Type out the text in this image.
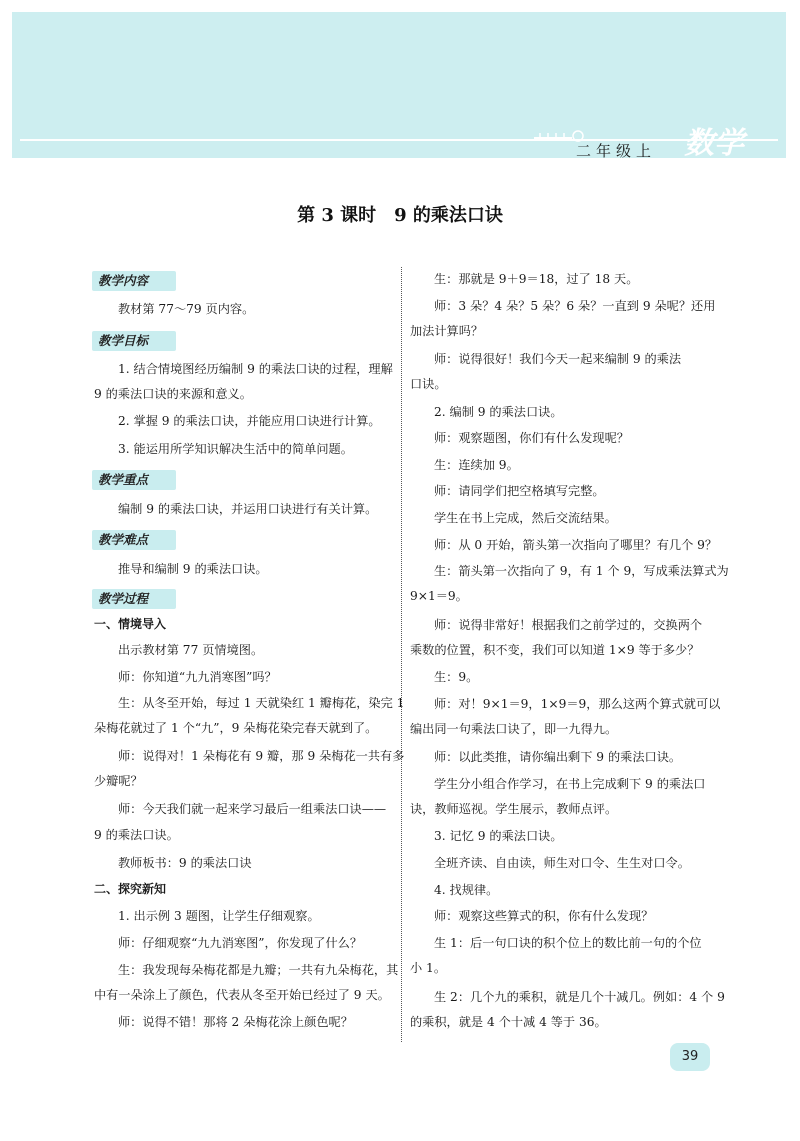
二年级上 数学
第 3 课时　9 的乘法口诀
教学内容
教材第 77～79 页内容。
教学目标
1. 结合情境图经历编制 9 的乘法口诀的过程，理解
9 的乘法口诀的来源和意义。
2. 掌握 9 的乘法口诀，并能应用口诀进行计算。
3. 能运用所学知识解决生活中的简单问题。
教学重点
编制 9 的乘法口诀，并运用口诀进行有关计算。
教学难点
推导和编制 9 的乘法口诀。
教学过程
一、情境导入
出示教材第 77 页情境图。
师：你知道“九九消寒图”吗？
生：从冬至开始，每过 1 天就染红 1 瓣梅花，染完 1
朵梅花就过了 1 个“九”，9 朵梅花染完春天就到了。
师：说得对！1 朵梅花有 9 瓣，那 9 朵梅花一共有多
少瓣呢？
师：今天我们就一起来学习最后一组乘法口诀——
9 的乘法口诀。
教师板书：9 的乘法口诀
二、探究新知
1. 出示例 3 题图，让学生仔细观察。
师：仔细观察“九九消寒图”，你发现了什么？
生：我发现每朵梅花都是九瓣；一共有九朵梅花，其
中有一朵涂上了颜色，代表从冬至开始已经过了 9 天。
师：说得不错！那将 2 朵梅花涂上颜色呢？
生：那就是 9＋9＝18，过了 18 天。
师：3 朵？4 朵？5 朵？6 朵？一直到 9 朵呢？还用
加法计算吗？
师：说得很好！我们今天一起来编制 9 的乘法
口诀。
2. 编制 9 的乘法口诀。
师：观察题图，你们有什么发现呢？
生：连续加 9。
师：请同学们把空格填写完整。
学生在书上完成，然后交流结果。
师：从 0 开始，箭头第一次指向了哪里？有几个 9？
生：箭头第一次指向了 9，有 1 个 9，写成乘法算式为
9×1＝9。
师：说得非常好！根据我们之前学过的，交换两个
乘数的位置，积不变，我们可以知道 1×9 等于多少？
生：9。
师：对！9×1＝9，1×9＝9，那么这两个算式就可以
编出同一句乘法口诀了，即一九得九。
师：以此类推，请你编出剩下 9 的乘法口诀。
学生分小组合作学习，在书上完成剩下 9 的乘法口
诀，教师巡视。学生展示，教师点评。
3. 记忆 9 的乘法口诀。
全班齐读、自由读，师生对口令、生生对口令。
4. 找规律。
师：观察这些算式的积，你有什么发现？
生 1：后一句口诀的积个位上的数比前一句的个位
小 1。
生 2：几个九的乘积，就是几个十减几。例如：4 个 9
的乘积，就是 4 个十减 4 等于 36。
39
